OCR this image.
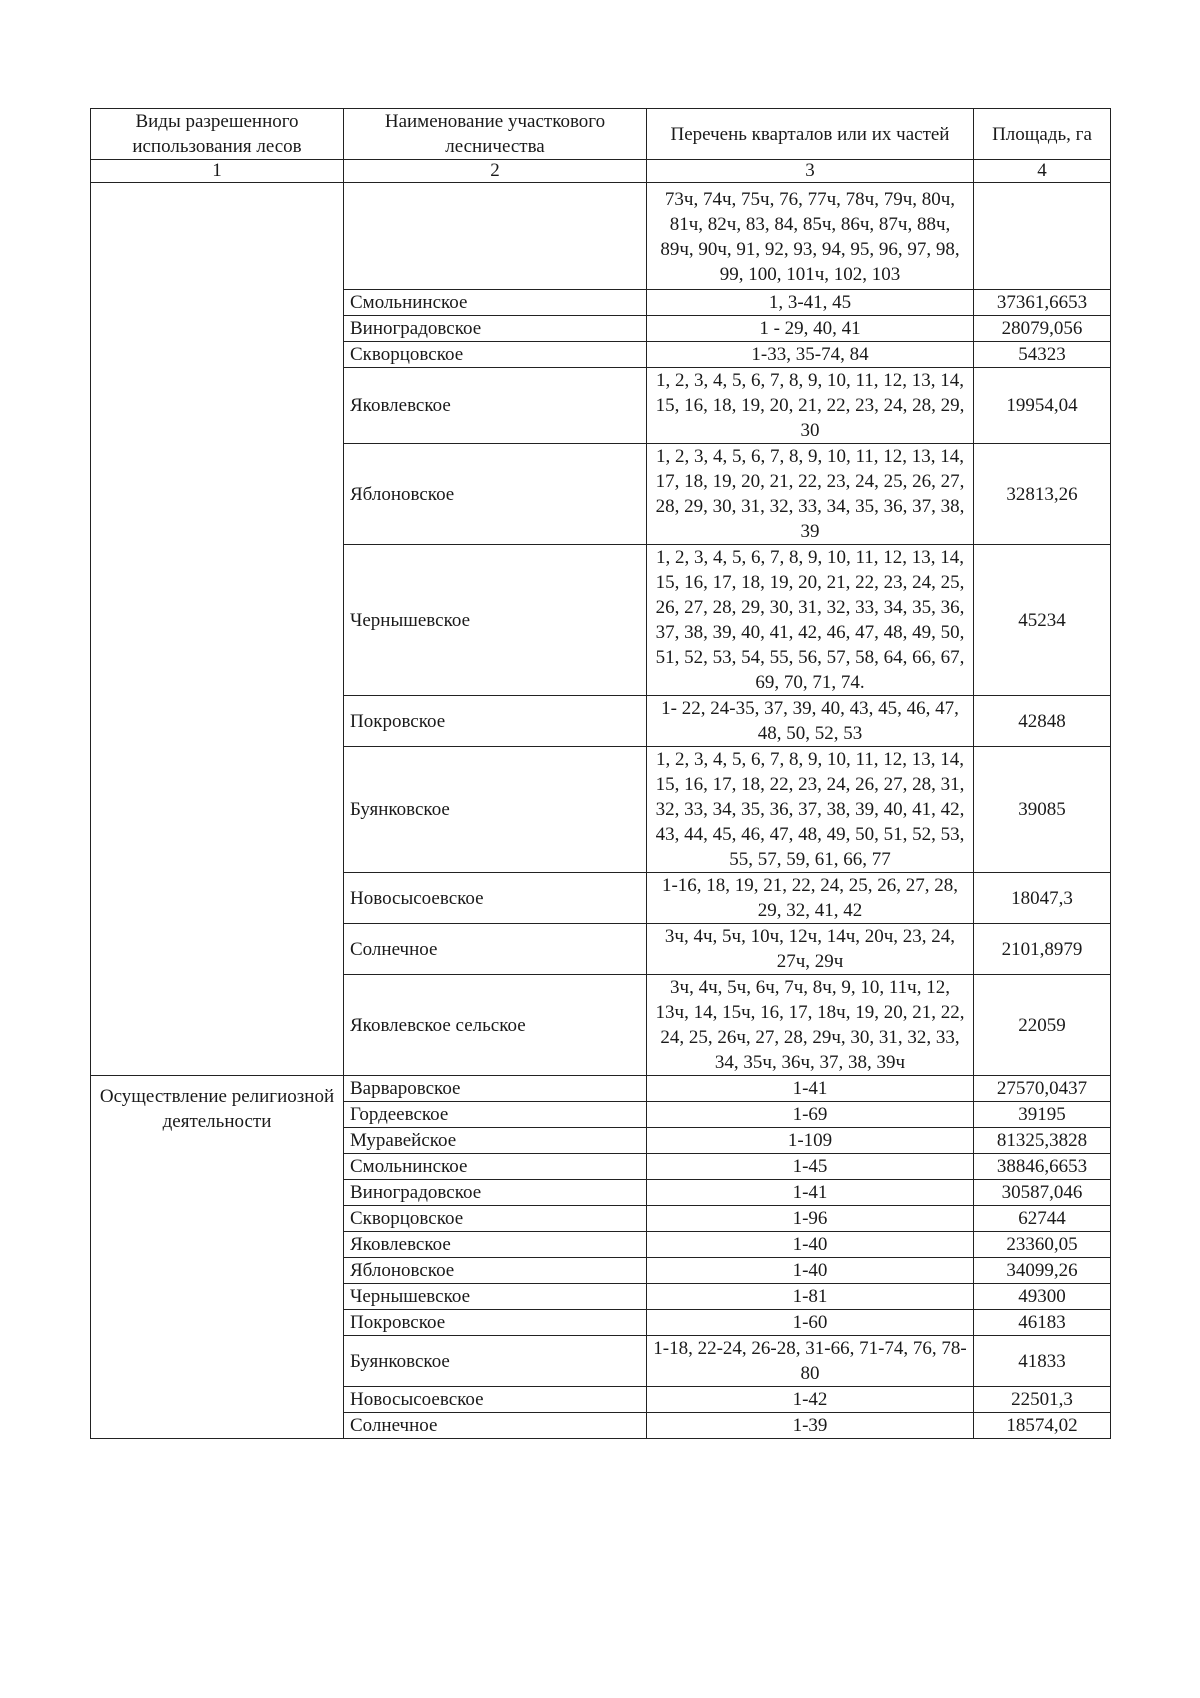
Виды разрешенного использования лесов	Наименование участкового лесничества	Перечень кварталов или их частей	Площадь, га
1	2	3	4
		73ч, 74ч, 75ч, 76, 77ч, 78ч, 79ч, 80ч, 81ч, 82ч, 83, 84, 85ч, 86ч, 87ч, 88ч, 89ч, 90ч, 91, 92, 93, 94, 95, 96, 97, 98, 99, 100, 101ч, 102, 103	
	Смольнинское	1, 3-41, 45	37361,6653
	Виноградовское	1 - 29, 40, 41	28079,056
	Скворцовское	1-33, 35-74, 84	54323
	Яковлевское	1, 2, 3, 4, 5, 6, 7, 8, 9, 10, 11, 12, 13, 14, 15, 16, 18, 19, 20, 21, 22, 23, 24, 28, 29, 30	19954,04
	Яблоновское	1, 2, 3, 4, 5, 6, 7, 8, 9, 10, 11, 12, 13, 14, 17, 18, 19, 20, 21, 22, 23, 24, 25, 26, 27, 28, 29, 30, 31, 32, 33, 34, 35, 36, 37, 38, 39	32813,26
	Чернышевское	1, 2, 3, 4, 5, 6, 7, 8, 9, 10, 11, 12, 13, 14, 15, 16, 17, 18, 19, 20, 21, 22, 23, 24, 25, 26, 27, 28, 29, 30, 31, 32, 33, 34, 35, 36, 37, 38, 39, 40, 41, 42, 46, 47, 48, 49, 50, 51, 52, 53, 54, 55, 56, 57, 58, 64, 66, 67, 69, 70, 71, 74.	45234
	Покровское	1- 22, 24-35, 37, 39, 40, 43, 45, 46, 47, 48, 50, 52, 53	42848
	Буянковское	1, 2, 3, 4, 5, 6, 7, 8, 9, 10, 11, 12, 13, 14, 15, 16, 17, 18, 22, 23, 24, 26, 27, 28, 31, 32, 33, 34, 35, 36, 37, 38, 39, 40, 41, 42, 43, 44, 45, 46, 47, 48, 49, 50, 51, 52, 53, 55, 57, 59, 61, 66, 77	39085
	Новосысоевское	1-16, 18, 19, 21, 22, 24, 25, 26, 27, 28, 29, 32, 41, 42	18047,3
	Солнечное	3ч, 4ч, 5ч, 10ч, 12ч, 14ч, 20ч, 23, 24, 27ч, 29ч	2101,8979
	Яковлевское сельское	3ч, 4ч, 5ч, 6ч, 7ч, 8ч, 9, 10, 11ч, 12, 13ч, 14, 15ч, 16, 17, 18ч, 19, 20, 21, 22, 24, 25, 26ч, 27, 28, 29ч, 30, 31, 32, 33, 34, 35ч, 36ч, 37, 38, 39ч	22059
Осуществление религиозной деятельности	Варваровское	1-41	27570,0437
	Гордеевское	1-69	39195
	Муравейское	1-109	81325,3828
	Смольнинское	1-45	38846,6653
	Виноградовское	1-41	30587,046
	Скворцовское	1-96	62744
	Яковлевское	1-40	23360,05
	Яблоновское	1-40	34099,26
	Чернышевское	1-81	49300
	Покровское	1-60	46183
	Буянковское	1-18, 22-24, 26-28, 31-66, 71-74, 76, 78-80	41833
	Новосысоевское	1-42	22501,3
	Солнечное	1-39	18574,02
